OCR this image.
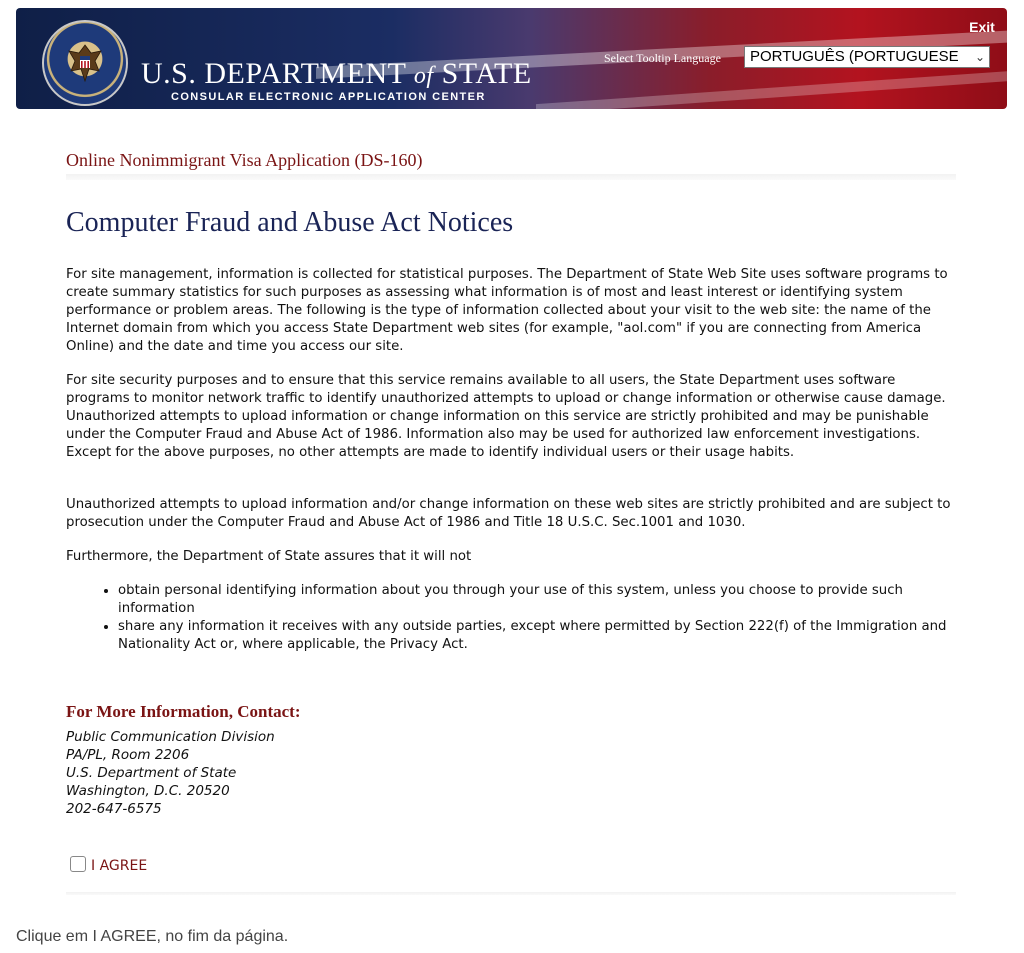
Exit
U.S. DEPARTMENT of STATE
CONSULAR ELECTRONIC APPLICATION CENTER
Select Tooltip Language	PORTUGUÊS (PORTUGUESE ⌄
Online Nonimmigrant Visa Application (DS-160)
Computer Fraud and Abuse Act Notices

For site management, information is collected for statistical purposes. The Department of State Web Site uses software programs to create summary statistics for such purposes as assessing what information is of most and least interest or identifying system performance or problem areas. The following is the type of information collected about your visit to the web site: the name of the Internet domain from which you access State Department web sites (for example, "aol.com" if you are connecting from America Online) and the date and time you access our site.

For site security purposes and to ensure that this service remains available to all users, the State Department uses software programs to monitor network traffic to identify unauthorized attempts to upload or change information or otherwise cause damage. Unauthorized attempts to upload information or change information on this service are strictly prohibited and may be punishable under the Computer Fraud and Abuse Act of 1986. Information also may be used for authorized law enforcement investigations. Except for the above purposes, no other attempts are made to identify individual users or their usage habits.

Unauthorized attempts to upload information and/or change information on these web sites are strictly prohibited and are subject to prosecution under the Computer Fraud and Abuse Act of 1986 and Title 18 U.S.C. Sec.1001 and 1030.

Furthermore, the Department of State assures that it will not

• obtain personal identifying information about you through your use of this system, unless you choose to provide such information
• share any information it receives with any outside parties, except where permitted by Section 222(f) of the Immigration and Nationality Act or, where applicable, the Privacy Act.
For More Information, Contact:
Public Communication Division
PA/PL, Room 2206
U.S. Department of State
Washington, D.C. 20520
202-647-6575
I AGREE
Clique em I AGREE, no fim da página.
